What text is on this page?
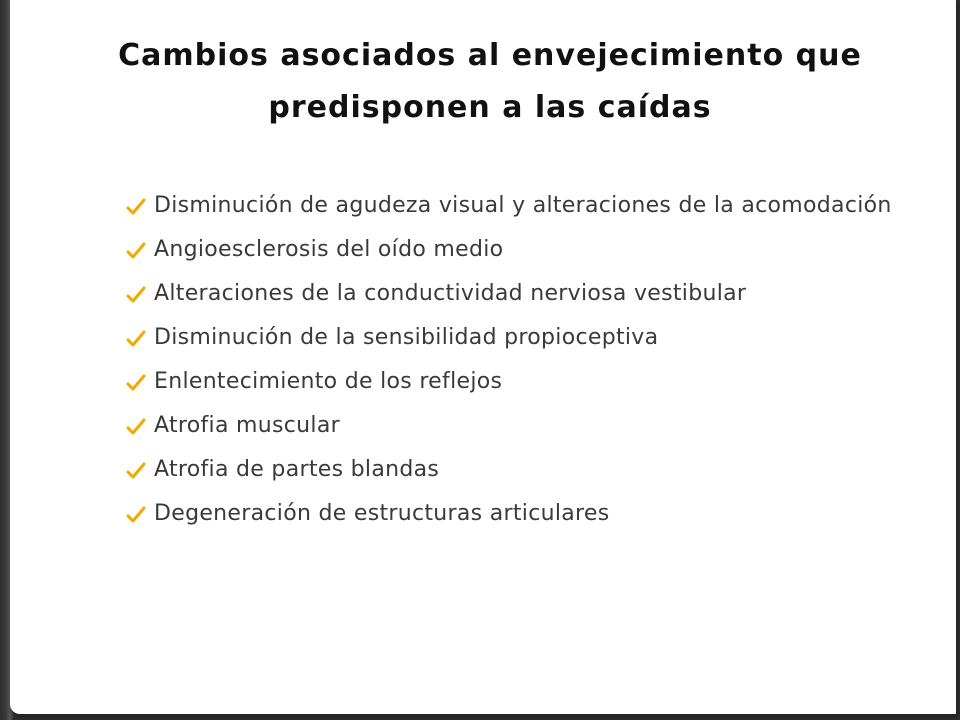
Cambios asociados al envejecimiento que predisponen a las caídas
Disminución de agudeza visual y alteraciones de la acomodación
Angioesclerosis del oído medio
Alteraciones de la conductividad nerviosa vestibular
Disminución de la sensibilidad propioceptiva
Enlentecimiento de los reflejos
Atrofia muscular
Atrofia de partes blandas
Degeneración de estructuras articulares
